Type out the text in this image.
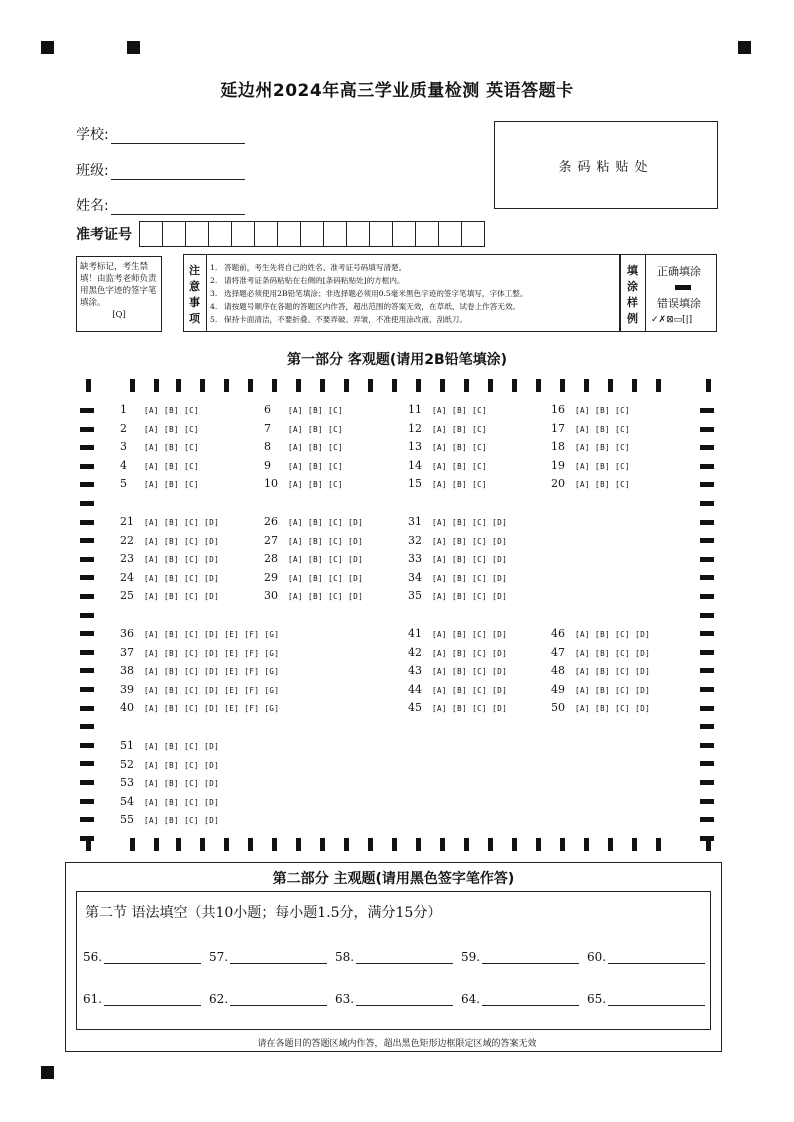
延边州2024年高三学业质量检测 英语答题卡
学校:
班级:
姓名:
条码粘贴处
准考证号
缺考标记，考生禁填！由监考老师负责用黑色字迹的签字笔填涂。
[Q]
注意事项
1. 答题前，考生先将自己的姓名、准考证号码填写清楚。
2. 请将准考证条码粘贴在右侧的[条码粘贴处]的方框内。
3. 选择题必须使用2B铅笔填涂；非选择题必须用0.5毫米黑色字迹的签字笔填写，字体工整。
4. 请按题号顺序在各题的答题区内作答，超出范围的答案无效，在草纸、试卷上作答无效。
5. 保持卡面清洁，不要折叠、不要弄破、弄皱，不准使用涂改液、刮纸刀。
填涂样例
正确填涂
错误填涂
✓✗⊠▭[|]
第一部分 客观题(请用2B铅笔填涂)
1 [A] [B] [C]
2 [A] [B] [C]
3 [A] [B] [C]
4 [A] [B] [C]
5 [A] [B] [C]
6 [A] [B] [C]
7 [A] [B] [C]
8 [A] [B] [C]
9 [A] [B] [C]
10 [A] [B] [C]
11 [A] [B] [C]
12 [A] [B] [C]
13 [A] [B] [C]
14 [A] [B] [C]
15 [A] [B] [C]
16 [A] [B] [C]
17 [A] [B] [C]
18 [A] [B] [C]
19 [A] [B] [C]
20 [A] [B] [C]
21 [A] [B] [C] [D]
22 [A] [B] [C] [D]
23 [A] [B] [C] [D]
24 [A] [B] [C] [D]
25 [A] [B] [C] [D]
26 [A] [B] [C] [D]
27 [A] [B] [C] [D]
28 [A] [B] [C] [D]
29 [A] [B] [C] [D]
30 [A] [B] [C] [D]
31 [A] [B] [C] [D]
32 [A] [B] [C] [D]
33 [A] [B] [C] [D]
34 [A] [B] [C] [D]
35 [A] [B] [C] [D]
36 [A] [B] [C] [D] [E] [F] [G]
37 [A] [B] [C] [D] [E] [F] [G]
38 [A] [B] [C] [D] [E] [F] [G]
39 [A] [B] [C] [D] [E] [F] [G]
40 [A] [B] [C] [D] [E] [F] [G]
41 [A] [B] [C] [D]
42 [A] [B] [C] [D]
43 [A] [B] [C] [D]
44 [A] [B] [C] [D]
45 [A] [B] [C] [D]
46 [A] [B] [C] [D]
47 [A] [B] [C] [D]
48 [A] [B] [C] [D]
49 [A] [B] [C] [D]
50 [A] [B] [C] [D]
51 [A] [B] [C] [D]
52 [A] [B] [C] [D]
53 [A] [B] [C] [D]
54 [A] [B] [C] [D]
55 [A] [B] [C] [D]
第二部分 主观题(请用黑色签字笔作答)
第二节 语法填空（共10小题；每小题1.5分，满分15分）
56.	57.	58.	59.	60.
61.	62.	63.	64.	65.
请在各题目的答题区域内作答，超出黑色矩形边框限定区域的答案无效
